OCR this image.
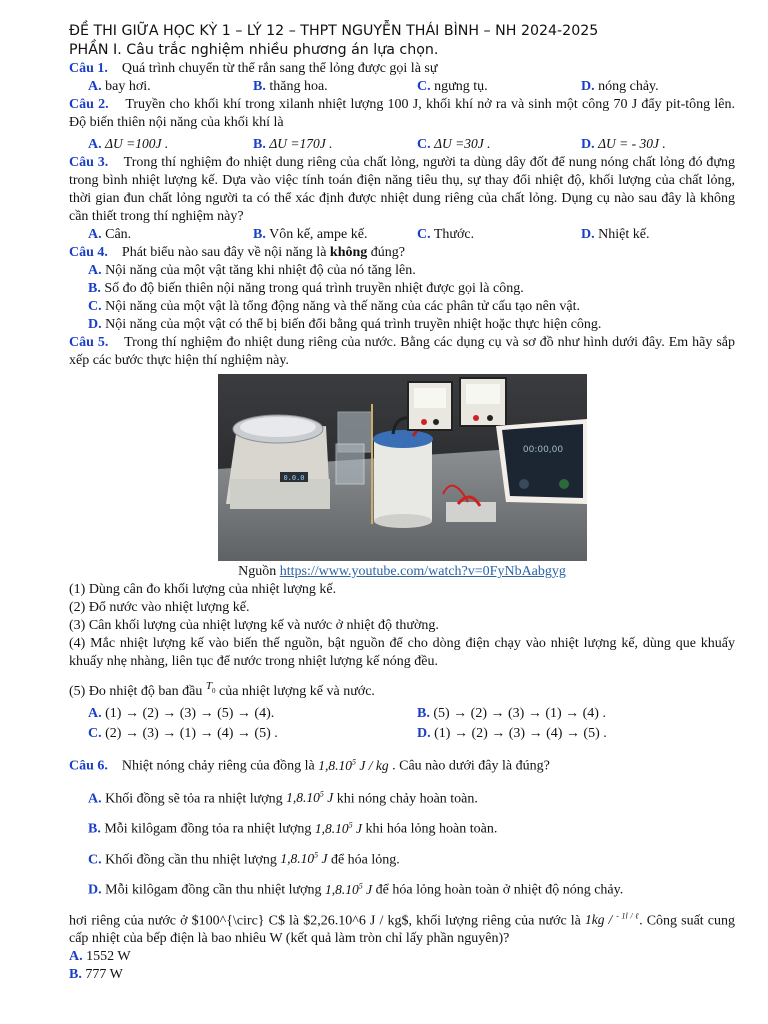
ĐỀ THI GIỮA HỌC KỲ 1 – LÝ 12 – THPT NGUYỄN THÁI BÌNH – NH 2024-2025
PHẦN I. Câu trắc nghiệm nhiều phương án lựa chọn.
Câu 1. Quá trình chuyển từ thể rắn sang thể lỏng được gọi là sự
A. bay hơi.	B. thăng hoa.	C. ngưng tụ.	D. nóng chảy.
Câu 2. Truyền cho khối khí trong xilanh nhiệt lượng 100 J, khối khí nở ra và sinh một công 70 J đẩy pit-tông lên. Độ biến thiên nội năng của khối khí là
A. ΔU =100J .	B. ΔU =170J .	C. ΔU =30J .	D. ΔU = - 30J .
Câu 3. Trong thí nghiệm đo nhiệt dung riêng của chất lỏng, người ta dùng dây đốt để nung nóng chất lỏng đó đựng trong bình nhiệt lượng kế. Dựa vào việc tính toán điện năng tiêu thụ, sự thay đổi nhiệt độ, khối lượng của chất lỏng, thời gian đun chất lỏng người ta có thể xác định được nhiệt dung riêng của chất lỏng. Dụng cụ nào sau đây là không cần thiết trong thí nghiệm này?
A. Cân.	B. Vôn kế, ampe kế.	C. Thước.	D. Nhiệt kế.
Câu 4. Phát biểu nào sau đây về nội năng là không đúng?
A. Nội năng của một vật tăng khi nhiệt độ của nó tăng lên.
B. Số đo độ biến thiên nội năng trong quá trình truyền nhiệt được gọi là công.
C. Nội năng của một vật là tổng động năng và thế năng của các phân tử cấu tạo nên vật.
D. Nội năng của một vật có thể bị biến đổi bằng quá trình truyền nhiệt hoặc thực hiện công.
Câu 5. Trong thí nghiệm đo nhiệt dung riêng của nước. Bằng các dụng cụ và sơ đồ như hình dưới đây. Em hãy sắp xếp các bước thực hiện thí nghiệm này.
0.0.0
00:00,00
Nguồn https://www.youtube.com/watch?v=0FyNbAabgyg
(1) Dùng cân đo khối lượng của nhiệt lượng kế.
(2) Đổ nước vào nhiệt lượng kế.
(3) Cân khối lượng của nhiệt lượng kế và nước ở nhiệt độ thường.
(4) Mắc nhiệt lượng kế vào biến thế nguồn, bật nguồn để cho dòng điện chạy vào nhiệt lượng kế, dùng que khuấy khuấy nhẹ nhàng, liên tục để nước trong nhiệt lượng kế nóng đều.
(5) Đo nhiệt độ ban đầu $^T$0 của nhiệt lượng kế và nước.
A. (1) → (2) → (3) → (5) → (4).	B. (5) → (2) → (3) → (1) → (4) .
C. (2) → (3) → (1) → (4) → (5) .	D. (1) → (2) → (3) → (4) → (5) .
Câu 6. Nhiệt nóng chảy riêng của đồng là 1,8.10$^5$ J / kg . Câu nào dưới đây là đúng?
A. Khối đồng sẽ tỏa ra nhiệt lượng 1,8.10$^5$ J khi nóng chảy hoàn toàn.
B. Mỗi kilôgam đồng tỏa ra nhiệt lượng 1,8.10$^5$ J khi hóa lỏng hoàn toàn.
C. Khối đồng cần thu nhiệt lượng 1,8.10$^5$ J để hóa lỏng.
D. Mỗi kilôgam đồng cần thu nhiệt lượng 1,8.10$^5$ J để hóa lỏng hoàn toàn ở nhiệt độ nóng chảy.
hơi riêng của nước ở $100^{\circ} C$ là $2,26.10^6 J / kg$, khối lượng riêng của nước là 1kg / $^{- 1l / \ell}$. Công suất cung cấp nhiệt của bếp điện là bao nhiêu W (kết quả làm tròn chỉ lấy phần nguyên)?
A. 1552 W
B. 777 W
